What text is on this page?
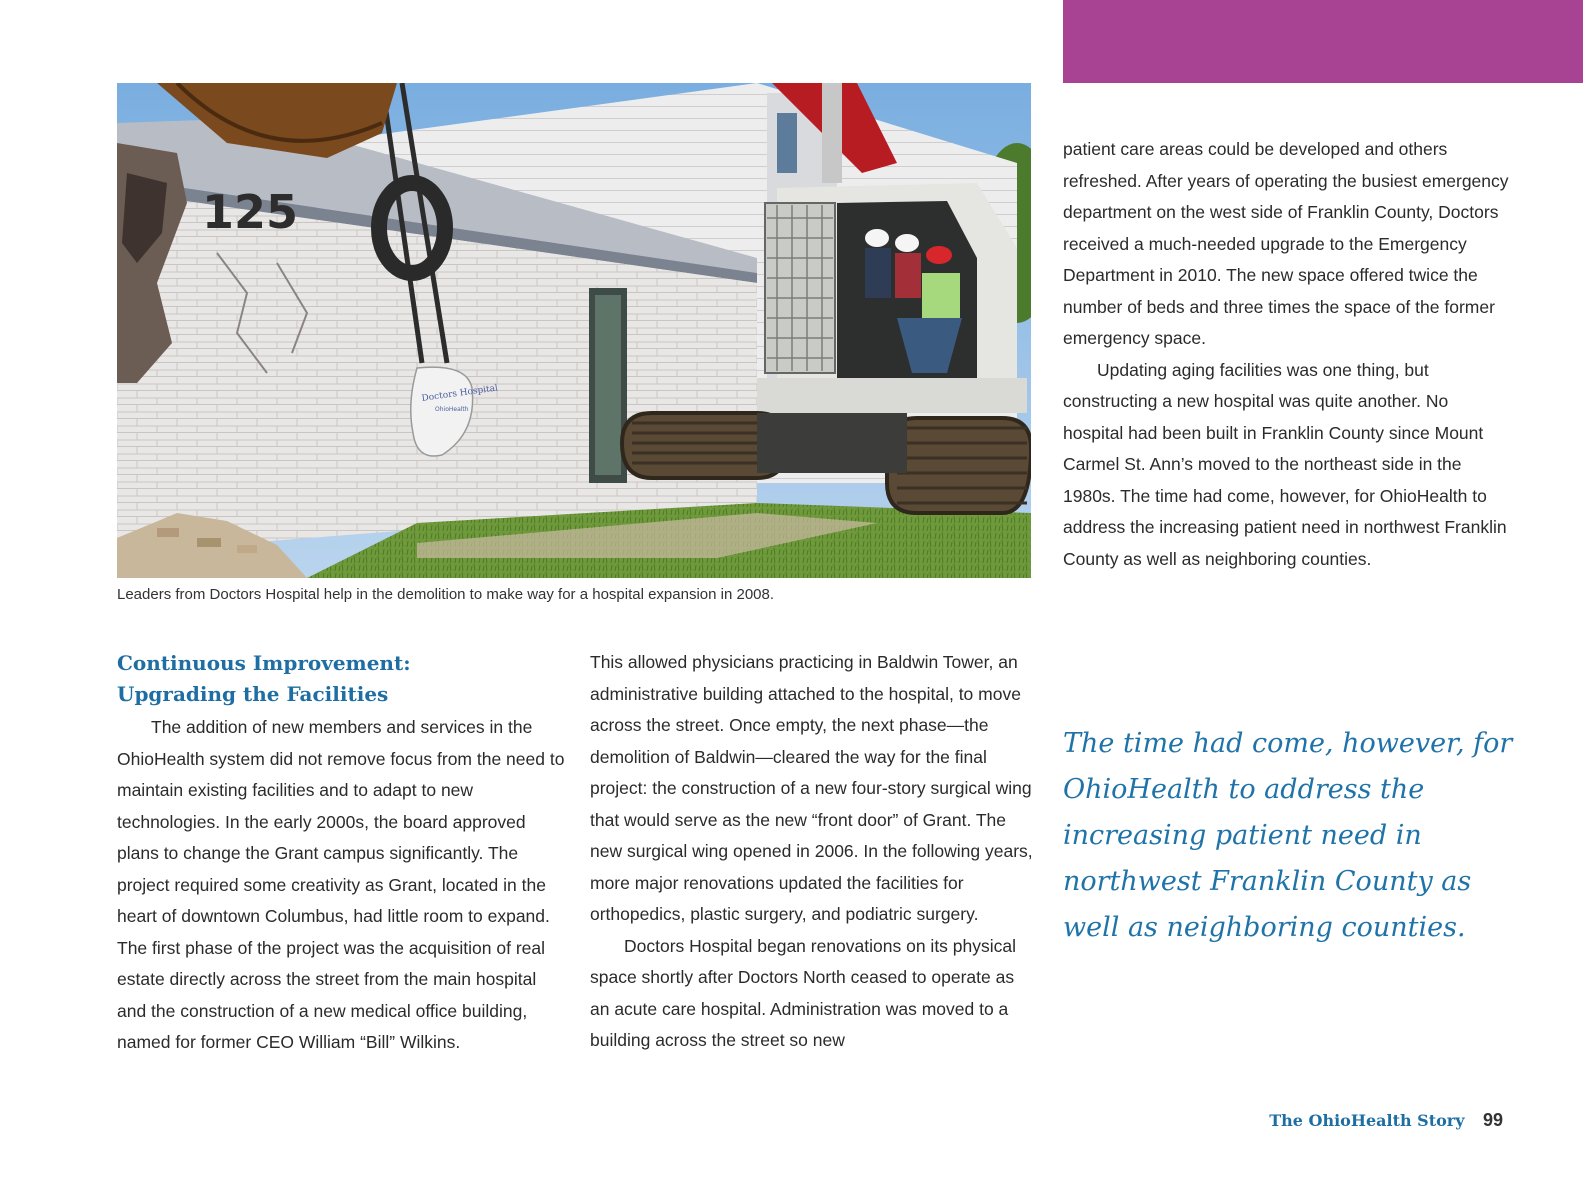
125
Doctors Hospital
OhioHealth

Leaders from Doctors Hospital help in the demolition to make way for a hospital expansion in 2008.

Continuous Improvement:
Upgrading the Facilities

The addition of new members and services in the OhioHealth system did not remove focus from the need to maintain existing facilities and to adapt to new technologies. In the early 2000s, the board approved plans to change the Grant campus significantly. The project required some creativity as Grant, located in the heart of downtown Columbus, had little room to expand. The first phase of the project was the acquisition of real estate directly across the street from the main hospital and the construction of a new medical office building, named for former CEO William “Bill” Wilkins.

This allowed physicians practicing in Baldwin Tower, an administrative building attached to the hospital, to move across the street. Once empty, the next phase—the demolition of Baldwin—cleared the way for the final project: the construction of a new four-story surgical wing that would serve as the new “front door” of Grant. The new surgical wing opened in 2006. In the following years, more major renovations updated the facilities for orthopedics, plastic surgery, and podiatric surgery.

Doctors Hospital began renovations on its physical space shortly after Doctors North ceased to operate as an acute care hospital. Administration was moved to a building across the street so new

patient care areas could be developed and others refreshed. After years of operating the busiest emergency department on the west side of Franklin County, Doctors received a much-needed upgrade to the Emergency Department in 2010. The new space offered twice the number of beds and three times the space of the former emergency space.

Updating aging facilities was one thing, but constructing a new hospital was quite another. No hospital had been built in Franklin County since Mount Carmel St. Ann’s moved to the northeast side in the 1980s. The time had come, however, for OhioHealth to address the increasing patient need in northwest Franklin County as well as neighboring counties.

The time had come, however, for OhioHealth to address the increasing patient need in northwest Franklin County as well as neighboring counties.

The OhioHealth Story 99
